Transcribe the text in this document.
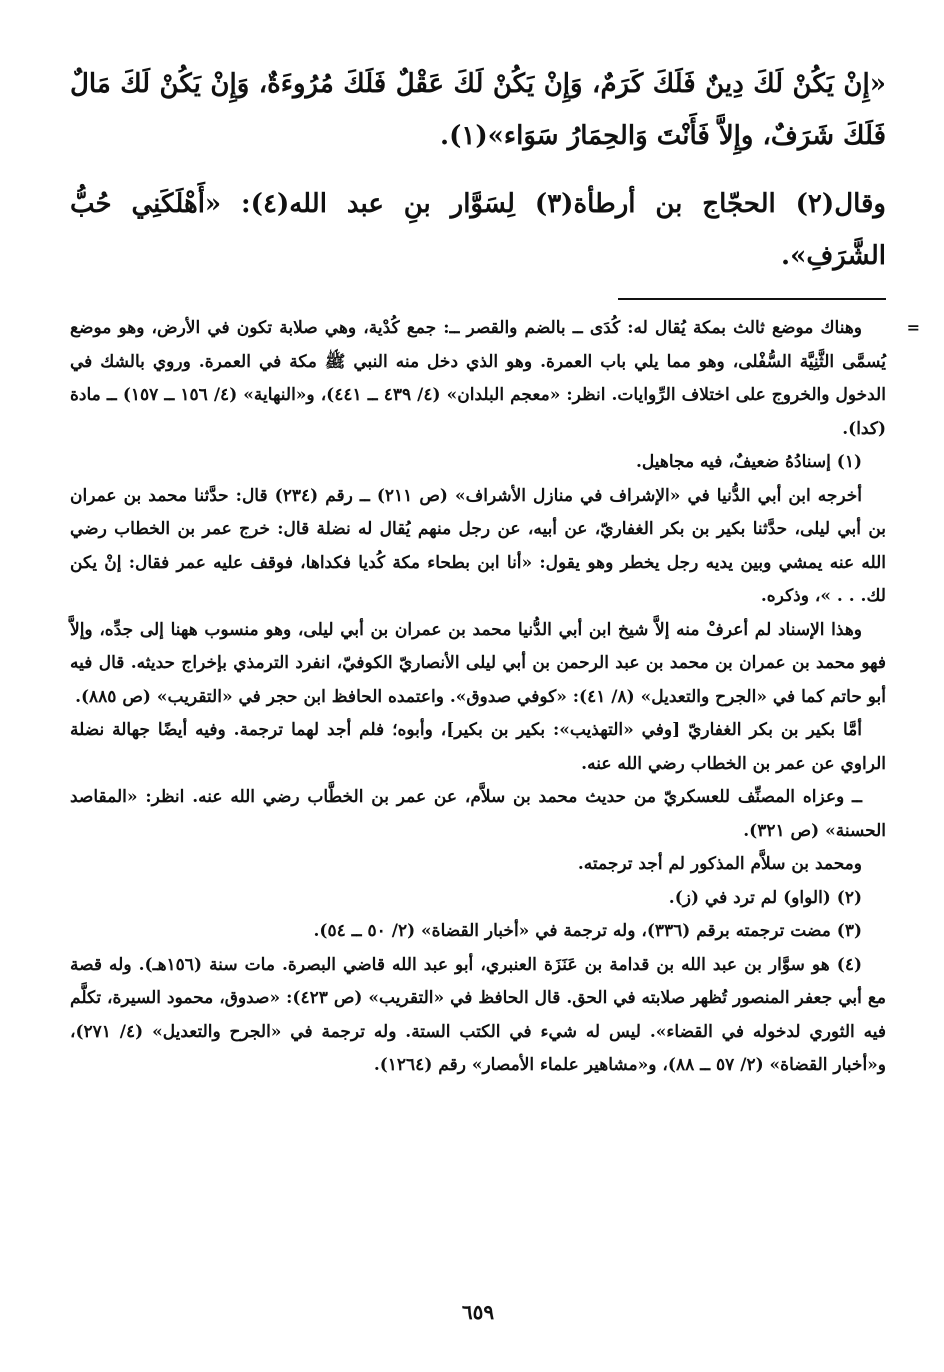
«إِنْ يَكُنْ لَكَ دِينٌ فَلَكَ كَرَمٌ، وَإِنْ يَكُنْ لَكَ عَقْلٌ فَلَكَ مُرُوءَةٌ، وَإِنْ يَكُنْ لَكَ مَالٌ فَلَكَ شَرَفٌ، وإِلاَّ فَأَنْتَ وَالحِمَارُ سَوَاء»(١).

وقال(٢) الحجّاج بن أرطأة(٣) لِسَوَّار بنِ عبد الله(٤): «أَهْلَكَنِي حُبُّ الشَّرَفِ».

=

وهناك موضع ثالث بمكة يُقال له: كُدَى ــ بالضم والقصر ــ: جمع كُدْية، وهي صلابة تكون في الأرض، وهو موضع يُسمَّى الثَّنِيَّة السُّفْلى، وهو مما يلي باب العمرة. وهو الذي دخل منه النبي ﷺ مكة في العمرة. وروي بالشك في الدخول والخروج على اختلاف الرِّوايات. انظر: «معجم البلدان» (٤/ ٤٣٩ ــ ٤٤١)، و«النهاية» (٤/ ١٥٦ ــ ١٥٧) ــ مادة (كدا).

(١) إسنادُهُ ضعيفٌ، فيه مجاهيل.

أخرجه ابن أبي الدُّنيا في «الإشراف في منازل الأشراف» (ص ٢١١) ــ رقم (٢٣٤) قال: حدَّثنا محمد بن عمران بن أبي ليلى، حدَّثنا بكير بن بكر الغفاريّ، عن أبيه، عن رجل منهم يُقال له نضلة قال: خرج عمر بن الخطاب رضي الله عنه يمشي وبين يديه رجل يخطر وهو يقول: «أنا ابن بطحاء مكة كُديا فكداها، فوقف عليه عمر فقال: إنْ يكن لك. . . »، وذكره.

وهذا الإسناد لم أعرفْ منه إلاَّ شيخ ابن أبي الدُّنيا محمد بن عمران بن أبي ليلى، وهو منسوب ههنا إلى جدِّه، وإلاَّ فهو محمد بن عمران بن محمد بن عبد الرحمن بن أبي ليلى الأنصاريّ الكوفيّ، انفرد الترمذي بإخراج حديثه. قال فيه أبو حاتم كما في «الجرح والتعديل» (٨/ ٤١): «كوفي صدوق». واعتمده الحافظ ابن حجر في «التقريب» (ص ٨٨٥).

أمَّا بكير بن بكر الغفاريّ [وفي «التهذيب»: بكير بن بكير]، وأبوه؛ فلم أجد لهما ترجمة. وفيه أيضًا جهالة نضلة الراوي عن عمر بن الخطاب رضي الله عنه.

ــ وعزاه المصنِّف للعسكريّ من حديث محمد بن سلاَّم، عن عمر بن الخطَّاب رضي الله عنه. انظر: «المقاصد الحسنة» (ص ٣٢١).

ومحمد بن سلاَّم المذكور لم أجد ترجمته.

(٢) (الواو) لم ترد في (ز).

(٣) مضت ترجمته برقم (٣٣٦)، وله ترجمة في «أخبار القضاة» (٢/ ٥٠ ــ ٥٤).

(٤) هو سوَّار بن عبد الله بن قدامة بن عَنَزَة العنبري، أبو عبد الله قاضي البصرة. مات سنة (١٥٦هـ). وله قصة مع أبي جعفر المنصور تُظهر صلابته في الحق. قال الحافظ في «التقريب» (ص ٤٢٣): «صدوق، محمود السيرة، تكلَّم فيه الثوري لدخوله في القضاء». ليس له شيء في الكتب الستة. وله ترجمة في «الجرح والتعديل» (٤/ ٢٧١)، و«أخبار القضاة» (٢/ ٥٧ ــ ٨٨)، و«مشاهير علماء الأمصار» رقم (١٢٦٤).

٦٥٩
